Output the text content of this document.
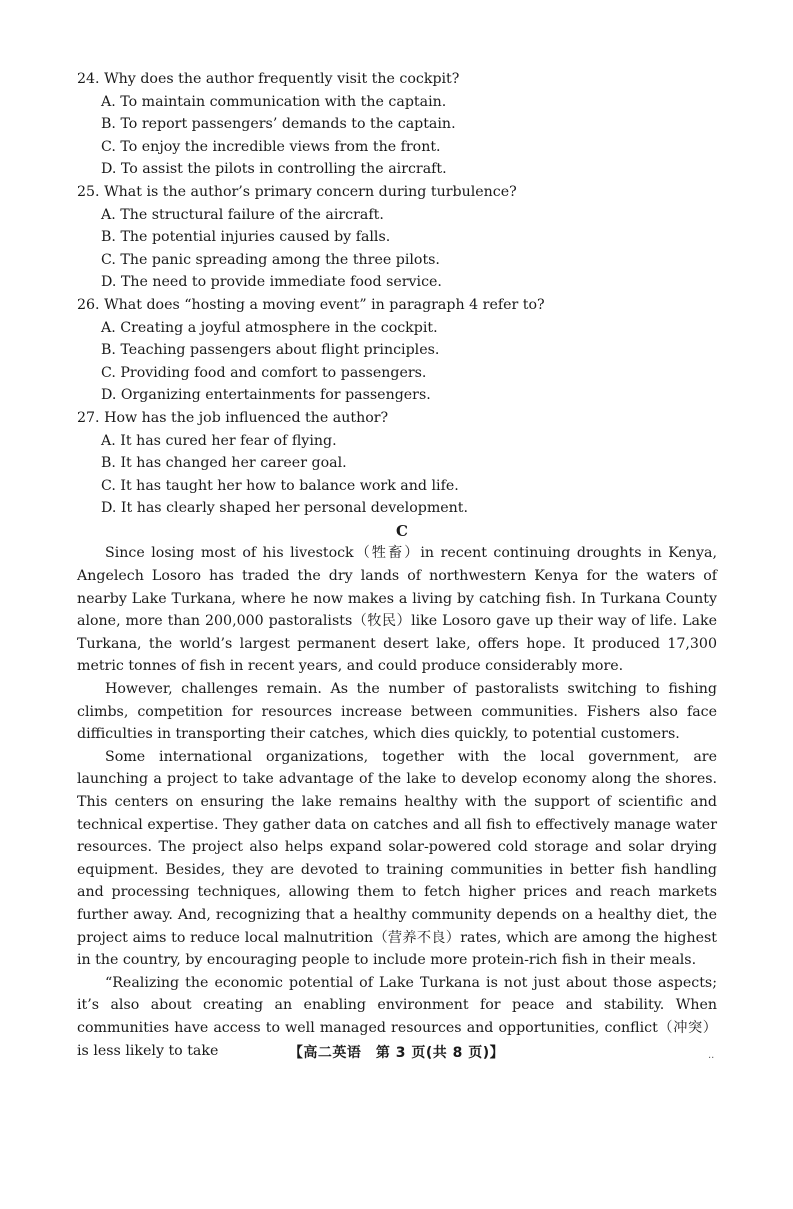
24. Why does the author frequently visit the cockpit?
A. To maintain communication with the captain.
B. To report passengers’ demands to the captain.
C. To enjoy the incredible views from the front.
D. To assist the pilots in controlling the aircraft.
25. What is the author’s primary concern during turbulence?
A. The structural failure of the aircraft.
B. The potential injuries caused by falls.
C. The panic spreading among the three pilots.
D. The need to provide immediate food service.
26. What does “hosting a moving event” in paragraph 4 refer to?
A. Creating a joyful atmosphere in the cockpit.
B. Teaching passengers about flight principles.
C. Providing food and comfort to passengers.
D. Organizing entertainments for passengers.
27. How has the job influenced the author?
A. It has cured her fear of flying.
B. It has changed her career goal.
C. It has taught her how to balance work and life.
D. It has clearly shaped her personal development.
C

Since losing most of his livestock（牲畜）in recent continuing droughts in Kenya, Angelech Losoro has traded the dry lands of northwestern Kenya for the waters of nearby Lake Turkana, where he now makes a living by catching fish. In Turkana County alone, more than 200,000 pastoralists（牧民）like Losoro gave up their way of life. Lake Turkana, the world’s largest permanent desert lake, offers hope. It produced 17,300 metric tonnes of fish in recent years, and could produce considerably more.

However, challenges remain. As the number of pastoralists switching to fishing climbs, competition for resources increase between communities. Fishers also face difficulties in transporting their catches, which dies quickly, to potential customers.

Some international organizations, together with the local government, are launching a project to take advantage of the lake to develop economy along the shores. This centers on ensuring the lake remains healthy with the support of scientific and technical expertise. They gather data on catches and all fish to effectively manage water resources. The project also helps expand solar-powered cold storage and solar drying equipment. Besides, they are devoted to training communities in better fish handling and processing techniques, allowing them to fetch higher prices and reach markets further away. And, recognizing that a healthy community depends on a healthy diet, the project aims to reduce local malnutrition（营养不良）rates, which are among the highest in the country, by encouraging people to include more protein-rich fish in their meals.

“Realizing the economic potential of Lake Turkana is not just about those aspects; it’s also about creating an enabling environment for peace and stability. When communities have access to well managed resources and opportunities, conflict（冲突）is less likely to take	【高二英语　第 3 页(共 8 页)】	..
